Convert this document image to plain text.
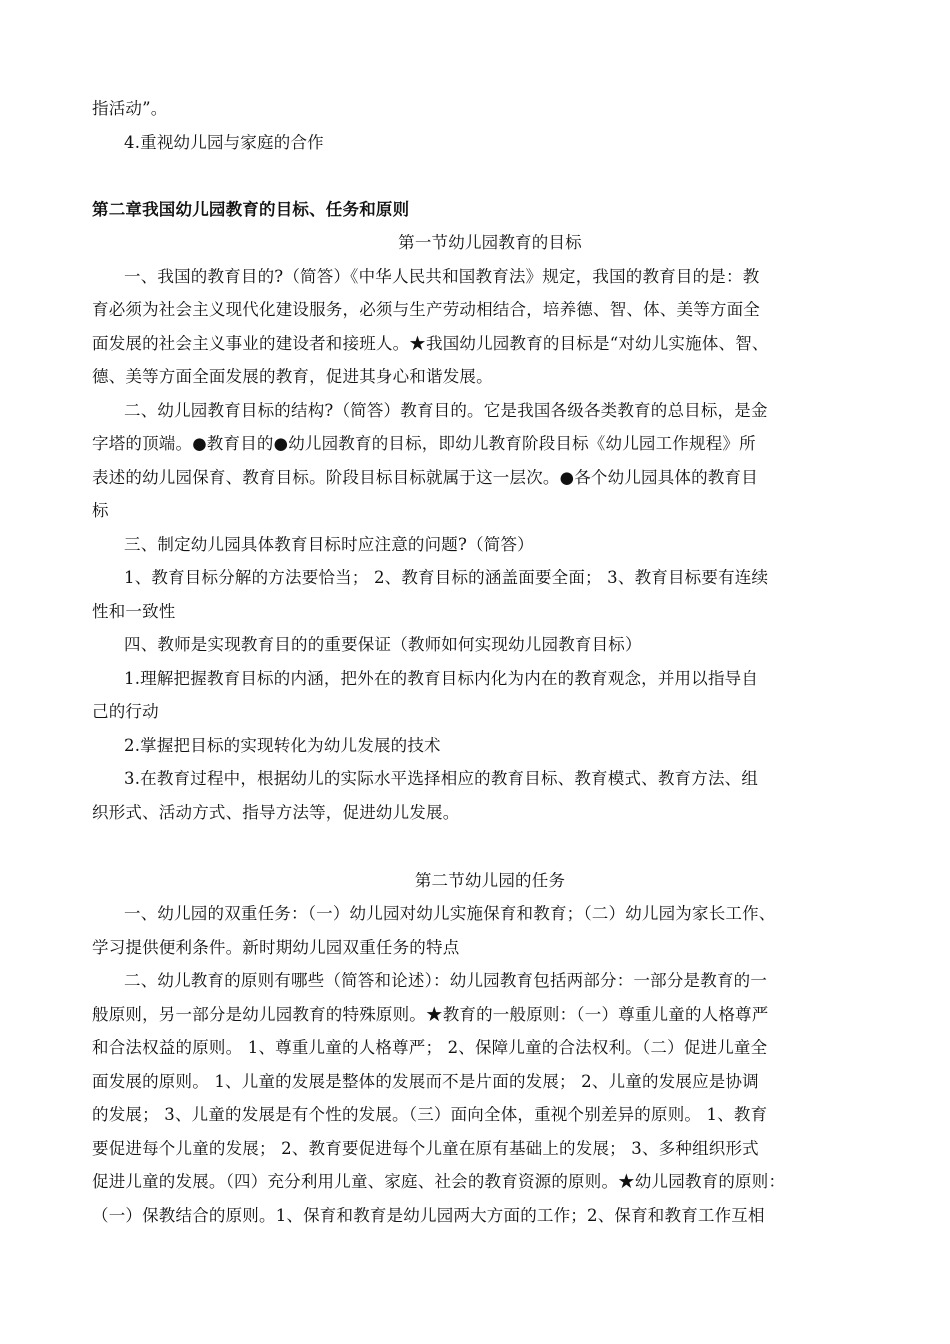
指活动”。
4.重视幼儿园与家庭的合作
第二章我国幼儿园教育的目标、任务和原则
第一节幼儿园教育的目标
一、我国的教育目的?（简答）《中华人民共和国教育法》规定，我国的教育目的是：教
育必须为社会主义现代化建设服务，必须与生产劳动相结合，培养德、智、体、美等方面全
面发展的社会主义事业的建设者和接班人。★我国幼儿园教育的目标是“对幼儿实施体、智、
德、美等方面全面发展的教育，促进其身心和谐发展。
二、幼儿园教育目标的结构?（简答）教育目的。它是我国各级各类教育的总目标，是金
字塔的顶端。●教育目的●幼儿园教育的目标，即幼儿教育阶段目标《幼儿园工作规程》所
表述的幼儿园保育、教育目标。阶段目标目标就属于这一层次。●各个幼儿园具体的教育目
标
三、制定幼儿园具体教育目标时应注意的问题?（简答）
1、教育目标分解的方法要恰当； 2、教育目标的涵盖面要全面； 3、教育目标要有连续
性和一致性
四、教师是实现教育目的的重要保证（教师如何实现幼儿园教育目标）
1.理解把握教育目标的内涵，把外在的教育目标内化为内在的教育观念，并用以指导自
己的行动
2.掌握把目标的实现转化为幼儿发展的技术
3.在教育过程中，根据幼儿的实际水平选择相应的教育目标、教育模式、教育方法、组
织形式、活动方式、指导方法等，促进幼儿发展。
第二节幼儿园的任务
一、幼儿园的双重任务：（一）幼儿园对幼儿实施保育和教育；（二）幼儿园为家长工作、
学习提供便利条件。新时期幼儿园双重任务的特点
二、幼儿教育的原则有哪些（简答和论述）：幼儿园教育包括两部分：一部分是教育的一
般原则，另一部分是幼儿园教育的特殊原则。★教育的一般原则：（一）尊重儿童的人格尊严
和合法权益的原则。 1、尊重儿童的人格尊严； 2、保障儿童的合法权利。（二）促进儿童全
面发展的原则。 1、儿童的发展是整体的发展而不是片面的发展； 2、儿童的发展应是协调
的发展； 3、儿童的发展是有个性的发展。（三）面向全体，重视个别差异的原则。 1、教育
要促进每个儿童的发展； 2、教育要促进每个儿童在原有基础上的发展； 3、多种组织形式
促进儿童的发展。（四）充分利用儿童、家庭、社会的教育资源的原则。★幼儿园教育的原则：
（一）保教结合的原则。1、保育和教育是幼儿园两大方面的工作；2、保育和教育工作互相
